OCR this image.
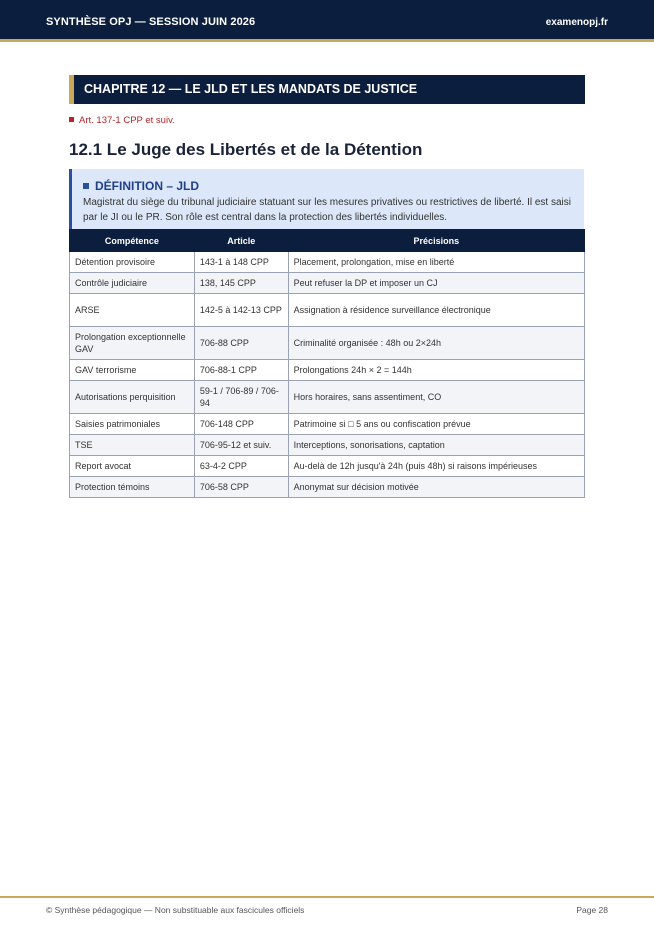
SYNTHÈSE OPJ — SESSION JUIN 2026	examenopj.fr
CHAPITRE 12 — LE JLD ET LES MANDATS DE JUSTICE
Art. 137-1 CPP et suiv.
12.1 Le Juge des Libertés et de la Détention
DÉFINITION – JLD
Magistrat du siège du tribunal judiciaire statuant sur les mesures privatives ou restrictives de liberté. Il est saisi par le JI ou le PR. Son rôle est central dans la protection des libertés individuelles.
Compétence	Article	Précisions
Détention provisoire	143-1 à 148 CPP	Placement, prolongation, mise en liberté
Contrôle judiciaire	138, 145 CPP	Peut refuser la DP et imposer un CJ
ARSE	142-5 à 142-13 CPP	Assignation à résidence surveillance électronique
Prolongation exceptionnelle GAV	706-88 CPP	Criminalité organisée : 48h ou 2×24h
GAV terrorisme	706-88-1 CPP	Prolongations 24h × 2 = 144h
Autorisations perquisition	59-1 / 706-89 / 706-94	Hors horaires, sans assentiment, CO
Saisies patrimoniales	706-148 CPP	Patrimoine si □ 5 ans ou confiscation prévue
TSE	706-95-12 et suiv.	Interceptions, sonorisations, captation
Report avocat	63-4-2 CPP	Au-delà de 12h jusqu'à 24h (puis 48h) si raisons impérieuses
Protection témoins	706-58 CPP	Anonymat sur décision motivée
© Synthèse pédagogique — Non substituable aux fascicules officiels	Page 28
